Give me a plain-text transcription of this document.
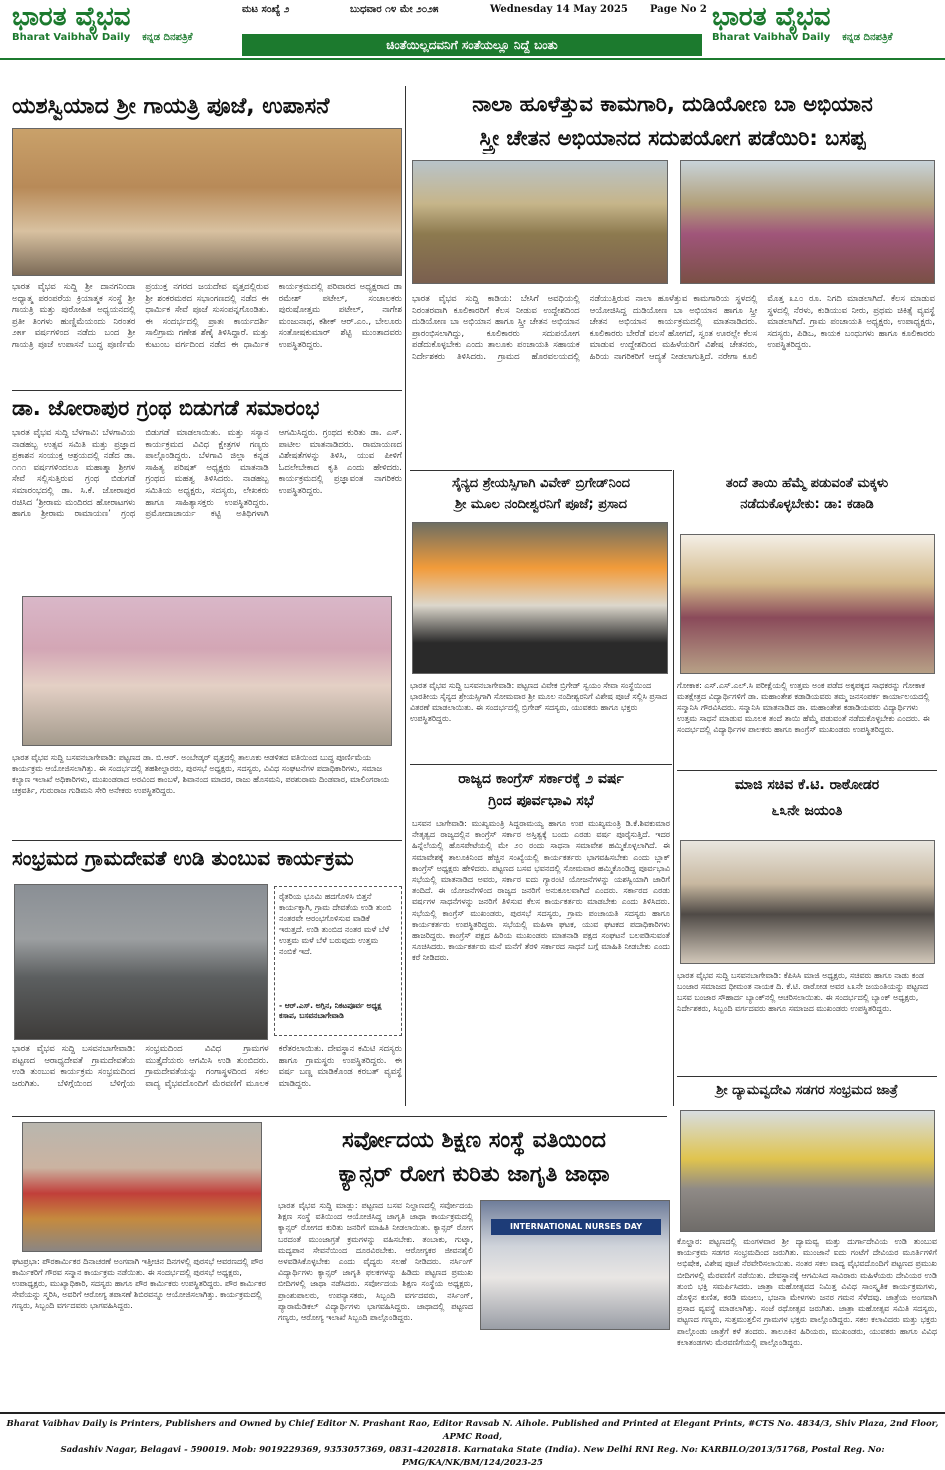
ಭಾರತ ವೈಭವ
Bharat Vaibhav Daily ಕನ್ನಡ ದಿನಪತ್ರಿಕೆ
ಮಟ ಸಂಖ್ಯೆ ೨	ಬುಧವಾರ ೧೪ ಮೇ ೨೦೨೫	Wednesday 14 May 2025 Page No 2
ಚಿಂತೆಯಿಲ್ಲದವನಿಗೆ ಸಂತೆಯಲ್ಲೂ ನಿದ್ದೆ ಬಂತು
ಭಾರತ ವೈಭವ
Bharat Vaibhav Daily ಕನ್ನಡ ದಿನಪತ್ರಿಕೆ
ಯಶಸ್ವಿಯಾದ ಶ್ರೀ ಗಾಯತ್ರಿ ಪೂಜೆ, ಉಪಾಸನೆ
ಭಾರತ ವೈಭವ ಸುದ್ದಿ ಶ್ರೀ ದಾನಗನಿಂದಾ ಅಧ್ಯಾತ್ಮ ಪರಂಪರೆಯ ಕ್ರಿಯಾತ್ಮಕ ಸಂಸ್ಥೆ ಶ್ರೀ ಗಾಯತ್ರಿ ಮತ್ತು ಪುರೋಹಿತ ಅಧ್ಯಯನದಲ್ಲಿ ಪ್ರತೀ ತಿಂಗಳು ಹುಣ್ಣಿಮೆಯಂದು ನಿರಂತರ ೨೫೯ ವರ್ಷಗಳಿಂದ ನಡೆದು ಬಂದ ಶ್ರೀ ಗಾಯತ್ರಿ ಪೂಜೆ ಉಪಾಸನೆ ಬುದ್ಧ ಪೂರ್ಣಿಮೆ ಪ್ರಯುಕ್ತ ನಗರದ ಜಯದೇವ ವೃತ್ತದಲ್ಲಿರುವ ಶ್ರೀ ಶಂಕರಮಠದ ಸಭಾಂಗಣದಲ್ಲಿ ನಡೆದ ಈ ಧಾರ್ಮಿಕ ಸೇವೆ ಪೂಜೆ ಸುಸಂಪನ್ನಗೊಂಡಿತು. ಈ ಸಂದರ್ಭದಲ್ಲಿ ಪ್ರಾತಃ ಕಾರ್ಯದರ್ಶಿ ಸಾಲಿಗ್ರಾಮ ಗಣೇಶ ಶೆಣೈ ತಿಳಿಸಿದ್ದಾರೆ. ಮತ್ತು ಕುಟುಂಬ ವರ್ಗದಿಂದ ನಡೆದ ಈ ಧಾರ್ಮಿಕ ಕಾರ್ಯಕ್ರಮದಲ್ಲಿ ಪರಿವಾರದ ಅಧ್ಯಕ್ಷರಾದ ಡಾ ರಮೇಶ್ ಪಟೇಲ್, ಸಂಚಾಲಕರು ಪುರುಷೋತ್ತಮ ಪಟೇಲ್, ನಾಗೇಶ ಮಂಜುನಾಥ, ಕಶೀಕ್ ಆರ್.ಎಂ., ಬೇಲೂರು ಸಂತೋಷಕುಮಾರ್ ಶೆಟ್ಟಿ ಮುಂತಾದವರು ಉಪಸ್ಥಿತರಿದ್ದರು.
ನಾಲಾ ಹೂಳೆತ್ತುವ ಕಾಮಗಾರಿ, ದುಡಿಯೋಣ ಬಾ ಅಭಿಯಾನ
ಸ್ತ್ರೀ ಚೇತನ ಅಭಿಯಾನದ ಸದುಪಯೋಗ ಪಡೆಯಿರಿ: ಬಸಪ್ಪ
ಭಾರತ ವೈಭವ ಸುದ್ದಿ ಕಾಡಿಯ: ಬೇಸಿಗೆ ಅವಧಿಯಲ್ಲಿ ನಿರಂತರವಾಗಿ ಕೂಲಿಕಾರರಿಗೆ ಕೆಲಸ ನೀಡುವ ಉದ್ದೇಶದಿಂದ ದುಡಿಯೋಣ ಬಾ ಅಭಿಯಾನ ಹಾಗೂ ಸ್ತ್ರೀ ಚೇತನ ಅಭಿಯಾನ ಪ್ರಾರಂಭಿಸಲಾಗಿದ್ದು, ಕೂಲಿಕಾರರು ಸದುಪಯೋಗ ಪಡೆದುಕೊಳ್ಳಬೇಕು ಎಂದು ತಾಲೂಕು ಪಂಚಾಯತಿ ಸಹಾಯಕ ನಿರ್ದೇಶಕರು ತಿಳಿಸಿದರು. ಗ್ರಾಮದ ಹೊರವಲಯದಲ್ಲಿ ನಡೆಯುತ್ತಿರುವ ನಾಲಾ ಹೂಳೆತ್ತುವ ಕಾಮಗಾರಿಯ ಸ್ಥಳದಲ್ಲಿ ಆಯೋಜಿಸಿದ್ದ ದುಡಿಯೋಣ ಬಾ ಅಭಿಯಾನ ಹಾಗೂ ಸ್ತ್ರೀ ಚೇತನ ಅಭಿಯಾನ ಕಾರ್ಯಕ್ರಮದಲ್ಲಿ ಮಾತನಾಡಿದರು. ಕೂಲಿಕಾರರು ಬೇರೆಡೆ ವಲಸೆ ಹೋಗದೆ, ಸ್ವಂತ ಊರಲ್ಲೇ ಕೆಲಸ ಮಾಡುವ ಉದ್ದೇಶದಿಂದ ಮಹಿಳೆಯರಿಗೆ ವಿಶೇಷ ಚೇತನರು, ಹಿರಿಯ ನಾಗರಿಕರಿಗೆ ಆದ್ಯತೆ ನೀಡಲಾಗುತ್ತಿದೆ. ನರೇಗಾ ಕೂಲಿ ಮೊತ್ತ ೩೭೦ ರೂ. ನಿಗದಿ ಮಾಡಲಾಗಿದೆ. ಕೆಲಸ ಮಾಡುವ ಸ್ಥಳದಲ್ಲಿ ನೆರಳು, ಕುಡಿಯುವ ನೀರು, ಪ್ರಥಮ ಚಿಕಿತ್ಸೆ ವ್ಯವಸ್ಥೆ ಮಾಡಲಾಗಿದೆ. ಗ್ರಾಮ ಪಂಚಾಯತಿ ಅಧ್ಯಕ್ಷರು, ಉಪಾಧ್ಯಕ್ಷರು, ಸದಸ್ಯರು, ಪಿಡಿಒ, ಕಾಯಕ ಬಂಧುಗಳು ಹಾಗೂ ಕೂಲಿಕಾರರು ಉಪಸ್ಥಿತರಿದ್ದರು.
ಡಾ. ಜೋರಾಪುರ ಗ್ರಂಥ ಬಿಡುಗಡೆ ಸಮಾರಂಭ
ಭಾರತ ವೈಭವ ಸುದ್ದಿ ಬೆಳಗಾವಿ: ಬೆಳಗಾವಿಯ ನಾಡಹಬ್ಬ ಉತ್ಸವ ಸಮಿತಿ ಮತ್ತು ಪ್ರಜ್ಞಾದ ಪ್ರಕಾಶನ ಸಂಯುಕ್ತ ಆಶ್ರಯದಲ್ಲಿ ನಡೆದ ಡಾ. ೧೧೧ ವರ್ಷಗಳಿಂದಲೂ ಮಹಾತ್ಮಾ ಶ್ರೀಗಳ ಸೇವೆ ಸಲ್ಲಿಸುತ್ತಿರುವ ಗ್ರಂಥ ಬಿಡುಗಡೆ ಸಮಾರಂಭದಲ್ಲಿ ಡಾ. ಸಿ.ಕೆ. ಜೋರಾಪುರ ರಚಿಸಿದ ‘ಶ್ರೀರಾಮ ಮಂದಿರದ ಹೋರಾಟಗಳು ಹಾಗೂ ಶ್ರೀರಾಮ ರಾಮಾಯಣ’ ಗ್ರಂಥ ಬಿಡುಗಡೆ ಮಾಡಲಾಯಿತು. ಮತ್ತು ಸಸ್ಯಾನ ಕಾರ್ಯಕ್ರಮದ ವಿವಿಧ ಕ್ಷೇತ್ರಗಳ ಗಣ್ಯರು ಪಾಲ್ಗೊಂಡಿದ್ದರು. ಬೆಳಗಾವಿ ಜಿಲ್ಲಾ ಕನ್ನಡ ಸಾಹಿತ್ಯ ಪರಿಷತ್ ಅಧ್ಯಕ್ಷರು ಮಾತನಾಡಿ ಗ್ರಂಥದ ಮಹತ್ವ ತಿಳಿಸಿದರು. ನಾಡಹಬ್ಬ ಸಮಿತಿಯ ಅಧ್ಯಕ್ಷರು, ಸದಸ್ಯರು, ಲೇಖಕರು ಹಾಗೂ ಸಾಹಿತ್ಯಾಸಕ್ತರು ಉಪಸ್ಥಿತರಿದ್ದರು. ಪ್ರಮೋದಾಚಾರ್ಯ ಕಟ್ಟಿ ಅತಿಥಿಗಳಾಗಿ ಆಗಮಿಸಿದ್ದರು. ಗ್ರಂಥದ ಕುರಿತು ಡಾ. ಎಸ್. ಪಾಟೀಲ ಮಾತನಾಡಿದರು. ರಾಮಾಯಣದ ವಿಶೇಷತೆಗಳನ್ನು ತಿಳಿಸಿ, ಯುವ ಪೀಳಿಗೆ ಓದಲೇಬೇಕಾದ ಕೃತಿ ಎಂದು ಹೇಳಿದರು. ಕಾರ್ಯಕ್ರಮದಲ್ಲಿ ಪ್ರಜ್ಞಾವಂತ ನಾಗರಿಕರು ಉಪಸ್ಥಿತರಿದ್ದರು.
ಭಾರತ ವೈಭವ ಸುದ್ದಿ ಬಸವನಬಾಗೇವಾಡಿ: ಪಟ್ಟಣದ ಡಾ. ಬಿ.ಆರ್. ಅಂಬೇಡ್ಕರ್ ವೃತ್ತದಲ್ಲಿ ತಾಲೂಕು ಆಡಳಿತದ ವತಿಯಿಂದ ಬುದ್ಧ ಪೂರ್ಣಿಮೆಯ ಕಾರ್ಯಕ್ರಮ ಆಯೋಜಿಸಲಾಗಿತ್ತು. ಈ ಸಂದರ್ಭದಲ್ಲಿ ತಹಶೀಲ್ದಾರರು, ಪುರಸಭೆ ಅಧ್ಯಕ್ಷರು, ಸದಸ್ಯರು, ವಿವಿಧ ಸಂಘಟನೆಗಳ ಪದಾಧಿಕಾರಿಗಳು, ಸಮಾಜ ಕಲ್ಯಾಣ ಇಲಾಖೆ ಅಧಿಕಾರಿಗಳು, ಮುಖಂಡರಾದ ಅರವಿಂದ ಕಾಂಬಳೆ, ಶಿವಾನಂದ ಮಾದರ, ರಾಜು ಹೊಸಮನಿ, ಪರಶುರಾಮ ದಿಂಡವಾರ, ಮಾಲಿಂಗರಾಯ ಚಕ್ರವರ್ತಿ, ಗುರುರಾಜ ಗುಡಿಮನಿ ಸೇರಿ ಅನೇಕರು ಉಪಸ್ಥಿತರಿದ್ದರು.
ಸೈನ್ಯದ ಶ್ರೇಯಸ್ಸಿಗಾಗಿ ವಿವೇಕ್ ಬ್ರಿಗೇಡ್‌ನಿಂದ
ಶ್ರೀ ಮೂಲ ನಂದೀಶ್ವರನಿಗೆ ಪೂಜೆ; ಪ್ರಸಾದ
ಭಾರತ ವೈಭವ ಸುದ್ದಿ ಬಸವನಬಾಗೇವಾಡಿ: ಪಟ್ಟಣದ ವಿವೇಕ ಬ್ರಿಗೇಡ್ ಸ್ವಯಂ ಸೇವಾ ಸಂಸ್ಥೆಯಿಂದ ಭಾರತೀಯ ಸೈನ್ಯದ ಶ್ರೇಯಸ್ಸಿಗಾಗಿ ಸೋಮವಾರ ಶ್ರೀ ಮೂಲ ನಂದೀಶ್ವರನಿಗೆ ವಿಶೇಷ ಪೂಜೆ ಸಲ್ಲಿಸಿ ಪ್ರಸಾದ ವಿತರಣೆ ಮಾಡಲಾಯಿತು. ಈ ಸಂದರ್ಭದಲ್ಲಿ ಬ್ರಿಗೇಡ್ ಸದಸ್ಯರು, ಯುವಕರು ಹಾಗೂ ಭಕ್ತರು ಉಪಸ್ಥಿತರಿದ್ದರು.
ತಂದೆ ತಾಯಿ ಹೆಮ್ಮೆ ಪಡುವಂತೆ ಮಕ್ಕಳು
ನಡೆದುಕೊಳ್ಳಬೇಕು: ಡಾ: ಕಡಾಡಿ
ಗೋಕಾಕ: ಎಸ್.ಎಸ್.ಎಲ್.ಸಿ ಪರೀಕ್ಷೆಯಲ್ಲಿ ಉತ್ತಮ ಅಂಕ ಪಡೆದ ಅಕ್ಕಪಕ್ಕದ ಸಾಧಕರನ್ನು ಗೋಕಾಕ ಮತಕ್ಷೇತ್ರದ ವಿದ್ಯಾರ್ಥಿಗಳಿಗೆ ಡಾ. ಮಹಾಂತೇಶ ಕಡಾಡಿಯವರು ತಮ್ಮ ಜನಸಂಪರ್ಕ ಕಾರ್ಯಾಲಯದಲ್ಲಿ ಸನ್ಮಾನಿಸಿ ಗೌರವಿಸಿದರು. ಸನ್ಮಾನಿಸಿ ಮಾತನಾಡಿದ ಡಾ. ಮಹಾಂತೇಶ ಕಡಾಡಿಯವರು ವಿದ್ಯಾರ್ಥಿಗಳು ಉತ್ತಮ ಸಾಧನೆ ಮಾಡುವ ಮೂಲಕ ತಂದೆ ತಾಯಿ ಹೆಮ್ಮೆ ಪಡುವಂತೆ ನಡೆದುಕೊಳ್ಳಬೇಕು ಎಂದರು. ಈ ಸಂದರ್ಭದಲ್ಲಿ ವಿದ್ಯಾರ್ಥಿಗಳ ಪಾಲಕರು ಹಾಗೂ ಕಾಂಗ್ರೆಸ್ ಮುಖಂಡರು ಉಪಸ್ಥಿತರಿದ್ದರು.
ಸಂಭ್ರಮದ ಗ್ರಾಮದೇವತೆ ಉಡಿ ತುಂಬುವ ಕಾರ್ಯಕ್ರಮ
ರೈತರಿಯ ಭೂಮಿ ಹದಗೊಳಿಸಿ ಬಿತ್ತನೆ ಕಾರ್ಯಕ್ಕಾಗಿ, ಗ್ರಾಮ ದೇವತೆಯ ಉಡಿ ತುಂಬಿ ನಂತರವೇ ಆರಂಭಗೊಳಿಸುವ ವಾಡಿಕೆ ಇರುತ್ತದೆ. ಉಡಿ ತುಂಬಿದ ನಂತರ ಮಳೆ ಬೆಳೆ ಉತ್ತಮ ಮಳೆ ಬೆಳೆ ಬರುವುದು ಉತ್ತಮ ನಂಬಿಕೆ ಇದೆ.
- ಆರ್.ಎಸ್. ಅಗ್ಗಿನ, ನಿಕಟಪೂರ್ವ ಅಧ್ಯಕ್ಷ ಕಸಾಪ, ಬಸವನಬಾಗೇವಾಡಿ
ಭಾರತ ವೈಭವ ಸುದ್ದಿ ಬಸವನಬಾಗೇವಾಡಿ: ಪಟ್ಟಣದ ಆರಾಧ್ಯದೇವತೆ ಗ್ರಾಮದೇವತೆಯ ಉಡಿ ತುಂಬುವ ಕಾರ್ಯಕ್ರಮ ಸಂಭ್ರಮದಿಂದ ಜರುಗಿತು. ಬೆಳಿಗ್ಗೆಯಿಂದ ಬೆಳಿಗ್ಗೆಯ ಸಂಭ್ರಮದಿಂದ ವಿವಿಧ ಗ್ರಾಮಗಳ ಮುತ್ತೈದೆಯರು ಆಗಮಿಸಿ ಉಡಿ ತುಂಬಿದರು. ಗ್ರಾಮದೇವತೆಯನ್ನು ಗಂಗಾಸ್ಥಳದಿಂದ ಸಕಲ ವಾದ್ಯ ವೈಭವದೊಂದಿಗೆ ಮೆರವಣಿಗೆ ಮೂಲಕ ಕರೆತರಲಾಯಿತು. ದೇವಸ್ಥಾನ ಕಮಿಟಿ ಸದಸ್ಯರು ಹಾಗೂ ಗ್ರಾಮಸ್ಥರು ಉಪಸ್ಥಿತರಿದ್ದರು. ಈ ವರ್ಷ ಬಣ್ಣ ಮಾಡಿಕೊಂಡ ಕರಬತ್ ವ್ಯವಸ್ಥೆ ಮಾಡಿದ್ದರು.
ರಾಜ್ಯದ ಕಾಂಗ್ರೆಸ್ ಸರ್ಕಾರಕ್ಕೆ ೨ ವರ್ಷ
ಗ್ರಿಂದ ಪೂರ್ವಭಾವಿ ಸಭೆ
ಬಸವನ ಬಾಗೇವಾಡಿ: ಮುಖ್ಯಮಂತ್ರಿ ಸಿದ್ದರಾಮಯ್ಯ ಹಾಗೂ ಉಪ ಮುಖ್ಯಮಂತ್ರಿ ಡಿ.ಕೆ.ಶಿವಕುಮಾರ ನೇತೃತ್ವದ ರಾಜ್ಯದಲ್ಲಿನ ಕಾಂಗ್ರೆಸ್ ಸರ್ಕಾರ ಅಸ್ತಿತ್ವಕ್ಕೆ ಬಂದು ಎರಡು ವರ್ಷ ಪೂರೈಸುತ್ತಿದೆ. ಇದರ ಹಿನ್ನೆಲೆಯಲ್ಲಿ ಹೊಸಪೇಟೆಯಲ್ಲಿ ಮೇ ೨೦ ರಂದು ಸಾಧನಾ ಸಮಾವೇಶ ಹಮ್ಮಿಕೊಳ್ಳಲಾಗಿದೆ. ಈ ಸಮಾವೇಶಕ್ಕೆ ತಾಲೂಕಿನಿಂದ ಹೆಚ್ಚಿನ ಸಂಖ್ಯೆಯಲ್ಲಿ ಕಾರ್ಯಕರ್ತರು ಭಾಗವಹಿಸಬೇಕು ಎಂದು ಬ್ಲಾಕ್ ಕಾಂಗ್ರೆಸ್ ಅಧ್ಯಕ್ಷರು ಹೇಳಿದರು. ಪಟ್ಟಣದ ಬಸವ ಭವನದಲ್ಲಿ ಸೋಮವಾರ ಹಮ್ಮಿಕೊಂಡಿದ್ದ ಪೂರ್ವಭಾವಿ ಸಭೆಯಲ್ಲಿ ಮಾತನಾಡಿದ ಅವರು, ಸರ್ಕಾರ ಐದು ಗ್ಯಾರಂಟಿ ಯೋಜನೆಗಳನ್ನು ಯಶಸ್ವಿಯಾಗಿ ಜಾರಿಗೆ ತಂದಿದೆ. ಈ ಯೋಜನೆಗಳಿಂದ ರಾಜ್ಯದ ಜನರಿಗೆ ಅನುಕೂಲವಾಗಿದೆ ಎಂದರು. ಸರ್ಕಾರದ ಎರಡು ವರ್ಷಗಳ ಸಾಧನೆಗಳನ್ನು ಜನರಿಗೆ ತಿಳಿಸುವ ಕೆಲಸ ಕಾರ್ಯಕರ್ತರು ಮಾಡಬೇಕು ಎಂದು ತಿಳಿಸಿದರು. ಸಭೆಯಲ್ಲಿ ಕಾಂಗ್ರೆಸ್ ಮುಖಂಡರು, ಪುರಸಭೆ ಸದಸ್ಯರು, ಗ್ರಾಮ ಪಂಚಾಯತಿ ಸದಸ್ಯರು ಹಾಗೂ ಕಾರ್ಯಕರ್ತರು ಉಪಸ್ಥಿತರಿದ್ದರು. ಸಭೆಯಲ್ಲಿ ಮಹಿಳಾ ಘಟಕ, ಯುವ ಘಟಕದ ಪದಾಧಿಕಾರಿಗಳು ಹಾಜರಿದ್ದರು. ಕಾಂಗ್ರೆಸ್ ಪಕ್ಷದ ಹಿರಿಯ ಮುಖಂಡರು ಮಾತನಾಡಿ ಪಕ್ಷದ ಸಂಘಟನೆ ಬಲಪಡಿಸುವಂತೆ ಸೂಚಿಸಿದರು. ಕಾರ್ಯಕರ್ತರು ಮನೆ ಮನೆಗೆ ತೆರಳಿ ಸರ್ಕಾರದ ಸಾಧನೆ ಬಗ್ಗೆ ಮಾಹಿತಿ ನೀಡಬೇಕು ಎಂದು ಕರೆ ನೀಡಿದರು.
ಮಾಜಿ ಸಚಿವ ಕೆ.ಟಿ. ರಾಠೋಡರ
೬೩ನೇ ಜಯಂತಿ
ಭಾರತ ವೈಭವ ಸುದ್ದಿ ಬಸವನಬಾಗೇವಾಡಿ: ಕೆಪಿಸಿಸಿ ಮಾಜಿ ಅಧ್ಯಕ್ಷರು, ಸಚಿವರು ಹಾಗೂ ನಾಡು ಕಂಡ ಬಂಜಾರ ಸಮಾಜದ ಧೀಮಂತ ನಾಯಕ ದಿ. ಕೆ.ಟಿ. ರಾಠೋಡ ಅವರ ೬೩ನೇ ಜಯಂತಿಯನ್ನು ಪಟ್ಟಣದ ಬಸವ ಬಂಜಾರ ಸೌಹಾರ್ದ ಬ್ಯಾಂಕ್‌ನಲ್ಲಿ ಆಚರಿಸಲಾಯಿತು. ಈ ಸಂದರ್ಭದಲ್ಲಿ ಬ್ಯಾಂಕ್ ಅಧ್ಯಕ್ಷರು, ನಿರ್ದೇಶಕರು, ಸಿಬ್ಬಂದಿ ವರ್ಗದವರು ಹಾಗೂ ಸಮಾಜದ ಮುಖಂಡರು ಉಪಸ್ಥಿತರಿದ್ದರು.
ಶ್ರೀ ದ್ಯಾಮವ್ವದೇವಿ ಸಡಗರ ಸಂಭ್ರಮದ ಜಾತ್ರೆ
ಕೊಲ್ಹಾರ: ಪಟ್ಟಣದಲ್ಲಿ ಮಂಗಳವಾರ ಶ್ರೀ ದ್ಯಾಮವ್ವ ಮತ್ತು ದುರ್ಗಾದೇವಿಯ ಉಡಿ ತುಂಬುವ ಕಾರ್ಯಕ್ರಮ ಸಡಗರ ಸಂಭ್ರಮದಿಂದ ಜರುಗಿತು. ಮುಂಜಾನೆ ಐದು ಗಂಟೆಗೆ ದೇವಿಯರ ಮೂರ್ತಿಗಳಿಗೆ ಅಭಿಷೇಕ, ವಿಶೇಷ ಪೂಜೆ ನೆರವೇರಿಸಲಾಯಿತು. ನಂತರ ಸಕಲ ವಾದ್ಯ ವೈಭವದೊಂದಿಗೆ ಪಟ್ಟಣದ ಪ್ರಮುಖ ಬೀದಿಗಳಲ್ಲಿ ಮೆರವಣಿಗೆ ನಡೆಯಿತು. ದೇವಸ್ಥಾನಕ್ಕೆ ಆಗಮಿಸಿದ ಸಾವಿರಾರು ಮಹಿಳೆಯರು ದೇವಿಯರ ಉಡಿ ತುಂಬಿ ಭಕ್ತಿ ಸಮರ್ಪಿಸಿದರು. ಜಾತ್ರಾ ಮಹೋತ್ಸವದ ನಿಮಿತ್ತ ವಿವಿಧ ಸಾಂಸ್ಕೃತಿಕ ಕಾರ್ಯಕ್ರಮಗಳು, ಡೊಳ್ಳಿನ ಕುಣಿತ, ಕರಡಿ ಮಜಲು, ಭಜನಾ ಮೇಳಗಳು ಜನರ ಗಮನ ಸೆಳೆದವು. ಜಾತ್ರೆಯ ಅಂಗವಾಗಿ ಪ್ರಸಾದ ವ್ಯವಸ್ಥೆ ಮಾಡಲಾಗಿತ್ತು. ಸಂಜೆ ರಥೋತ್ಸವ ಜರುಗಿತು. ಜಾತ್ರಾ ಮಹೋತ್ಸವ ಸಮಿತಿ ಸದಸ್ಯರು, ಪಟ್ಟಣದ ಗಣ್ಯರು, ಸುತ್ತಮುತ್ತಲಿನ ಗ್ರಾಮಗಳ ಭಕ್ತರು ಪಾಲ್ಗೊಂಡಿದ್ದರು. ಸಕಲ ಕಲಾವಿದರು ಮತ್ತು ಭಕ್ತರು ಪಾಲ್ಗೊಂಡು ಜಾತ್ರೆಗೆ ಕಳೆ ತಂದರು. ತಾಲೂಕಿನ ಹಿರಿಯರು, ಮುಖಂಡರು, ಯುವಕರು ಹಾಗೂ ವಿವಿಧ ಕಲಾತಂಡಗಳು ಮೆರವಣಿಗೆಯಲ್ಲಿ ಪಾಲ್ಗೊಂಡಿದ್ದರು.
ಘಟಪ್ರಭಾ: ಪೌರಕಾರ್ಮಿಕರ ದಿನಾಚರಣೆ ಅಂಗವಾಗಿ ಇತ್ತೀಚಿನ ದಿನಗಳಲ್ಲಿ ಪುರಸಭೆ ಆವರಣದಲ್ಲಿ ಪೌರ ಕಾರ್ಮಿಕರಿಗೆ ಗೌರವ ಸನ್ಮಾನ ಕಾರ್ಯಕ್ರಮ ನಡೆಯಿತು. ಈ ಸಂದರ್ಭದಲ್ಲಿ ಪುರಸಭೆ ಅಧ್ಯಕ್ಷರು, ಉಪಾಧ್ಯಕ್ಷರು, ಮುಖ್ಯಾಧಿಕಾರಿ, ಸದಸ್ಯರು ಹಾಗೂ ಪೌರ ಕಾರ್ಮಿಕರು ಉಪಸ್ಥಿತರಿದ್ದರು. ಪೌರ ಕಾರ್ಮಿಕರ ಸೇವೆಯನ್ನು ಸ್ಮರಿಸಿ, ಅವರಿಗೆ ಆರೋಗ್ಯ ತಪಾಸಣೆ ಶಿಬಿರವನ್ನೂ ಆಯೋಜಿಸಲಾಗಿತ್ತು. ಕಾರ್ಯಕ್ರಮದಲ್ಲಿ ಗಣ್ಯರು, ಸಿಬ್ಬಂದಿ ವರ್ಗದವರು ಭಾಗವಹಿಸಿದ್ದರು.
ಸರ್ವೋದಯ ಶಿಕ್ಷಣ ಸಂಸ್ಥೆ ವತಿಯಿಂದ
ಕ್ಯಾನ್ಸರ್ ರೋಗ ಕುರಿತು ಜಾಗೃತಿ ಜಾಥಾ
ಭಾರತ ವೈಭವ ಸುದ್ದಿ ಮಾಡ್ಲು: ಪಟ್ಟಣದ ಬಸವ ನಿಲ್ದಾಣದಲ್ಲಿ ಸರ್ವೋದಯ ಶಿಕ್ಷಣ ಸಂಸ್ಥೆ ವತಿಯಿಂದ ಆಯೋಜಿಸಿದ್ದ ಜಾಗೃತಿ ಜಾಥಾ ಕಾರ್ಯಕ್ರಮದಲ್ಲಿ ಕ್ಯಾನ್ಸರ್ ರೋಗದ ಕುರಿತು ಜನರಿಗೆ ಮಾಹಿತಿ ನೀಡಲಾಯಿತು. ಕ್ಯಾನ್ಸರ್ ರೋಗ ಬರದಂತೆ ಮುಂಜಾಗ್ರತೆ ಕ್ರಮಗಳನ್ನು ವಹಿಸಬೇಕು. ತಂಬಾಕು, ಗುಟ್ಕಾ, ಮದ್ಯಪಾನ ಸೇವನೆಯಿಂದ ದೂರವಿರಬೇಕು. ಆರೋಗ್ಯಕರ ಜೀವನಶೈಲಿ ಅಳವಡಿಸಿಕೊಳ್ಳಬೇಕು ಎಂದು ವೈದ್ಯರು ಸಲಹೆ ನೀಡಿದರು. ನರ್ಸಿಂಗ್ ವಿದ್ಯಾರ್ಥಿಗಳು ಕ್ಯಾನ್ಸರ್ ಜಾಗೃತಿ ಫಲಕಗಳನ್ನು ಹಿಡಿದು ಪಟ್ಟಣದ ಪ್ರಮುಖ ಬೀದಿಗಳಲ್ಲಿ ಜಾಥಾ ನಡೆಸಿದರು. ಸರ್ವೋದಯ ಶಿಕ್ಷಣ ಸಂಸ್ಥೆಯ ಅಧ್ಯಕ್ಷರು, ಪ್ರಾಂಶುಪಾಲರು, ಉಪನ್ಯಾಸಕರು, ಸಿಬ್ಬಂದಿ ವರ್ಗದವರು, ನರ್ಸಿಂಗ್, ಪ್ಯಾರಾಮೆಡಿಕಲ್ ವಿದ್ಯಾರ್ಥಿಗಳು ಭಾಗವಹಿಸಿದ್ದರು. ಜಾಥಾದಲ್ಲಿ ಪಟ್ಟಣದ ಗಣ್ಯರು, ಆರೋಗ್ಯ ಇಲಾಖೆ ಸಿಬ್ಬಂದಿ ಪಾಲ್ಗೊಂಡಿದ್ದರು.
INTERNATIONAL NURSES DAY
Bharat Vaibhav Daily is Printers, Publishers and Owned by Chief Editor N. Prashant Rao, Editor Ravsab N. Aihole. Published and Printed at Elegant Prints, #CTS No. 4834/3, Shiv Plaza, 2nd Floor, APMC Road,
Sadashiv Nagar, Belagavi - 590019. Mob: 9019229369, 9353057369, 0831-4202818. Karnataka State (India). New Delhi RNI Reg. No: KARBILO/2013/51768, Postal Reg. No: PMG/KA/NK/BM/124/2023-25
